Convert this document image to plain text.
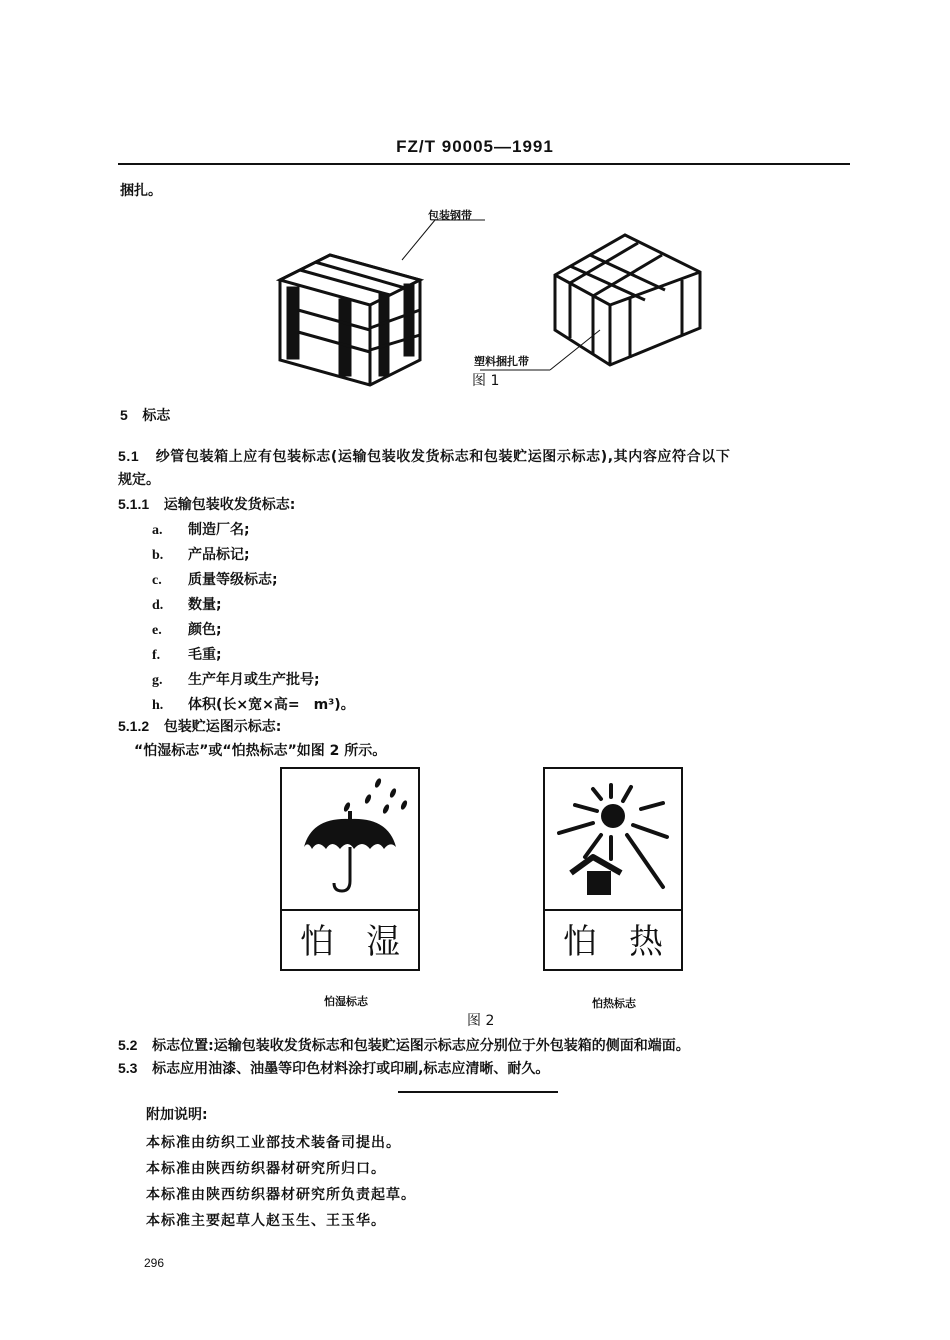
FZ/T 90005—1991
捆扎。
包装钢带
塑料捆扎带
图 1
5 标志
5.1 纱管包装箱上应有包装标志(运输包装收发货标志和包装贮运图示标志),其内容应符合以下
规定。
5.1.1 运输包装收发货标志:
a. 制造厂名;
b. 产品标记;
c. 质量等级标志;
d. 数量;
e. 颜色;
f. 毛重;
g. 生产年月或生产批号;
h. 体积(长×宽×高=　m³)。
5.1.2 包装贮运图示标志:
“怕湿标志”或“怕热标志”如图 2 所示。
怕 湿	怕 热
怕湿标志	怕热标志
图 2
5.2 标志位置:运输包装收发货标志和包装贮运图示标志应分别位于外包装箱的侧面和端面。
5.3 标志应用油漆、油墨等印色材料涂打或印刷,标志应清晰、耐久。
附加说明:
本标准由纺织工业部技术装备司提出。
本标准由陕西纺织器材研究所归口。
本标准由陕西纺织器材研究所负责起草。
本标准主要起草人赵玉生、王玉华。
296
